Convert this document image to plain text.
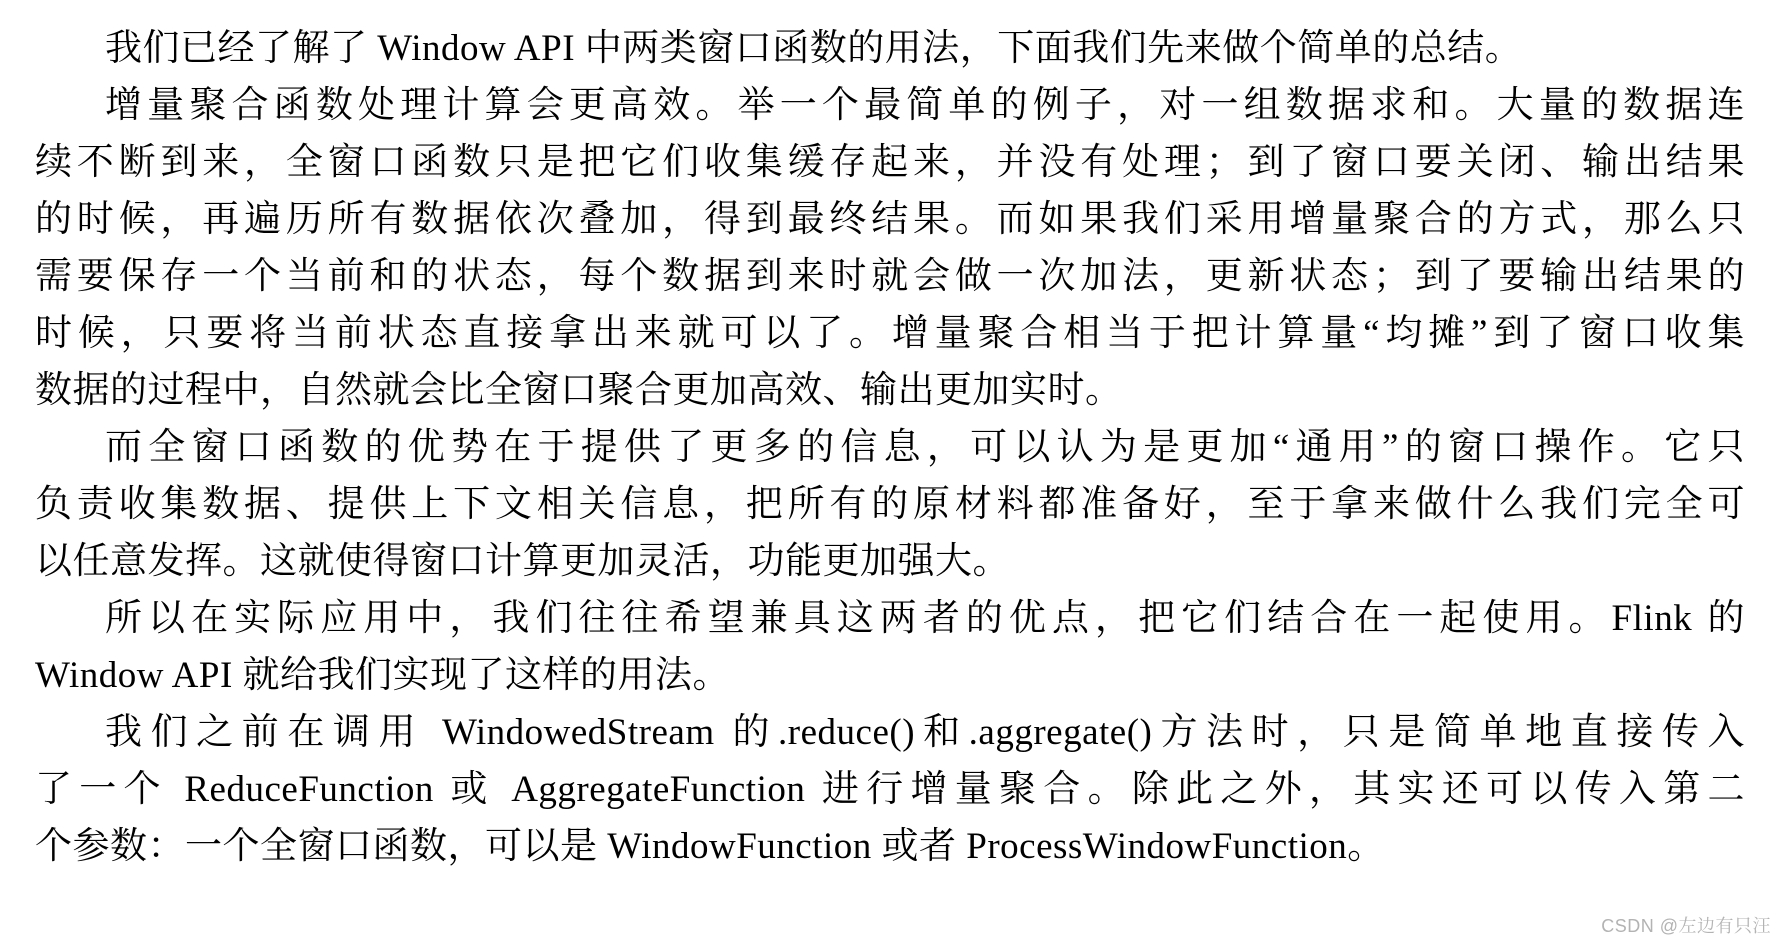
我们已经了解了 Window API 中两类窗口函数的用法，下面我们先来做个简单的总结。

增量聚合函数处理计算会更高效。举一个最简单的例子，对一组数据求和。大量的数据连

续不断到来，全窗口函数只是把它们收集缓存起来，并没有处理；到了窗口要关闭、输出结果

的时候，再遍历所有数据依次叠加，得到最终结果。而如果我们采用增量聚合的方式，那么只

需要保存一个当前和的状态，每个数据到来时就会做一次加法，更新状态；到了要输出结果的

时候，只要将当前状态直接拿出来就可以了。增量聚合相当于把计算量“均摊”到了窗口收集

数据的过程中，自然就会比全窗口聚合更加高效、输出更加实时。

而全窗口函数的优势在于提供了更多的信息，可以认为是更加“通用”的窗口操作。它只

负责收集数据、提供上下文相关信息，把所有的原材料都准备好，至于拿来做什么我们完全可

以任意发挥。这就使得窗口计算更加灵活，功能更加强大。

所以在实际应用中，我们往往希望兼具这两者的优点，把它们结合在一起使用。Flink 的

Window API 就给我们实现了这样的用法。

我们之前在调用 WindowedStream 的.reduce()和.aggregate()方法时，只是简单地直接传入

了一个 ReduceFunction 或 AggregateFunction 进行增量聚合。除此之外，其实还可以传入第二

个参数：一个全窗口函数，可以是 WindowFunction 或者 ProcessWindowFunction。

CSDN @左边有只汪
